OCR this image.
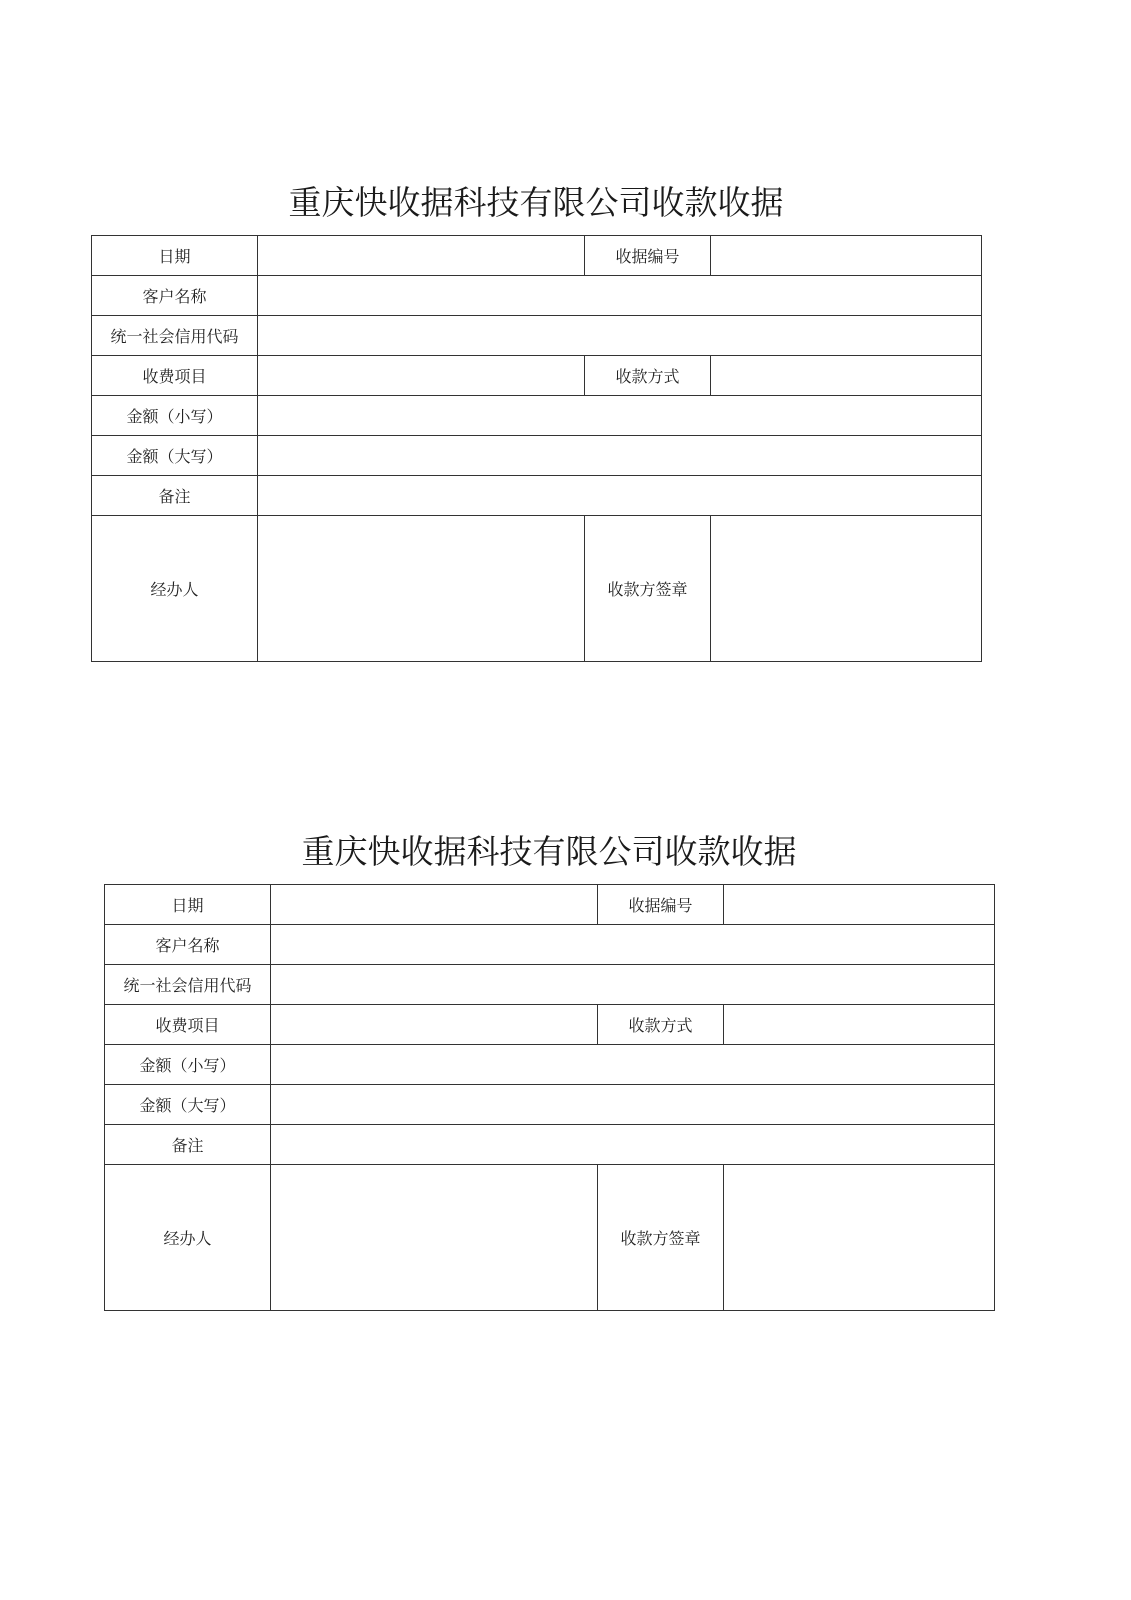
重庆快收据科技有限公司收款收据
日期		收据编号	
客户名称			
统一社会信用代码			
收费项目		收款方式	
金额（小写）			
金额（大写）			
备注			
经办人		收款方签章	
重庆快收据科技有限公司收款收据
日期		收据编号	
客户名称			
统一社会信用代码			
收费项目		收款方式	
金额（小写）			
金额（大写）			
备注			
经办人		收款方签章	
